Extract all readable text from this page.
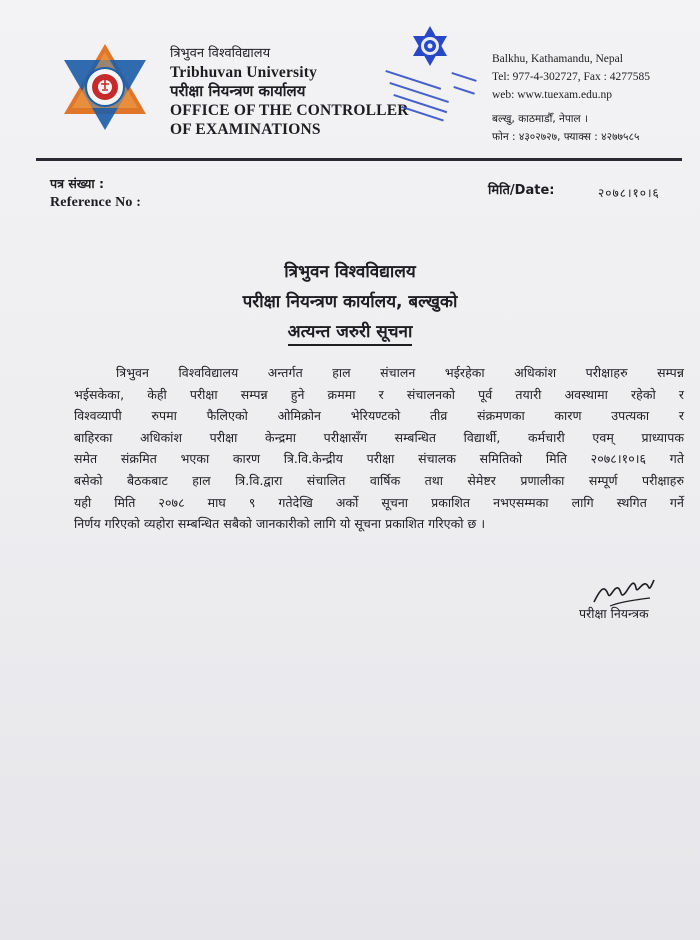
त्रिभुवन विश्वविद्यालय
Tribhuvan University
परीक्षा नियन्त्रण कार्यालय
OFFICE OF THE CONTROLLER
OF EXAMINATIONS
Balkhu, Kathamandu, Nepal
Tel: 977-4-302727, Fax : 4277585
web: www.tuexam.edu.np
बल्खु, काठमाडौँ, नेपाल ।
फोन : ४३०२७२७, फ्याक्स : ४२७७५८५
पत्र संख्या :
Reference No :
मिति/Date:	२०७८।१०।६
त्रिभुवन विश्वविद्यालय
परीक्षा नियन्त्रण कार्यालय, बल्खुको
अत्यन्त जरुरी सूचना
त्रिभुवन विश्वविद्यालय अन्तर्गत हाल संचालन भईरहेका अधिकांश परीक्षाहरु सम्पन्न
भईसकेका, केही परीक्षा सम्पन्न हुने क्रममा र संचालनको पूर्व तयारी अवस्थामा रहेको र
विश्वव्यापी रुपमा फैलिएको ओमिक्रोन भेरियण्टको तीव्र संक्रमणका कारण उपत्यका र
बाहिरका अधिकांश परीक्षा केन्द्रमा परीक्षासँग सम्बन्धित विद्यार्थी, कर्मचारी एवम् प्राध्यापक
समेत संक्रमित भएका कारण त्रि.वि.केन्द्रीय परीक्षा संचालक समितिको मिति २०७८।१०।६ गते
बसेको बैठकबाट हाल त्रि.वि.द्वारा संचालित वार्षिक तथा सेमेष्टर प्रणालीका सम्पूर्ण परीक्षाहरु
यही मिति २०७८ माघ ९ गतेदेखि अर्को सूचना प्रकाशित नभएसम्मका लागि स्थगित गर्ने
निर्णय गरिएको व्यहोरा सम्बन्धित सबैको जानकारीको लागि यो सूचना प्रकाशित गरिएको छ ।
परीक्षा नियन्त्रक
